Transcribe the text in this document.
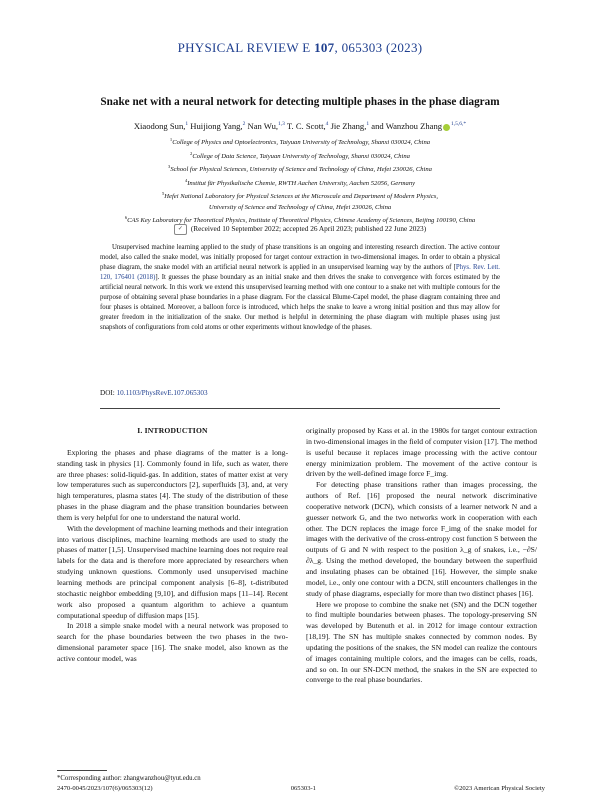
PHYSICAL REVIEW E 107, 065303 (2023)
Snake net with a neural network for detecting multiple phases in the phase diagram
Xiaodong Sun,$^1$ Huijiong Yang,$^2$ Nan Wu,$^{1,3}$ T. C. Scott,$^4$ Jie Zhang,$^1$ and Wanzhou Zhang $^{1,5,6,*}$
$^1$College of Physics and Optoelectronics, Taiyuan University of Technology, Shanxi 030024, China
$^2$College of Data Science, Taiyuan University of Technology, Shanxi 030024, China
$^3$School for Physical Sciences, University of Science and Technology of China, Hefei 230026, China
$^4$Institut für Physikalische Chemie, RWTH Aachen University, Aachen 52056, Germany
$^5$Hefei National Laboratory for Physical Sciences at the Microscale and Department of Modern Physics,
University of Science and Technology of China, Hefei 230026, China
$^6$CAS Key Laboratory for Theoretical Physics, Institute of Theoretical Physics, Chinese Academy of Sciences, Beijing 100190, China
✓ (Received 10 September 2022; accepted 26 April 2023; published 22 June 2023)
Unsupervised machine learning applied to the study of phase transitions is an ongoing and interesting research direction. The active contour model, also called the snake model, was initially proposed for target contour extraction in two-dimensional images. In order to obtain a physical phase diagram, the snake model with an artificial neural network is applied in an unsupervised learning way by the authors of [Phys. Rev. Lett. 120, 176401 (2018)]. It guesses the phase boundary as an initial snake and then drives the snake to convergence with forces estimated by the artificial neural network. In this work we extend this unsupervised learning method with one contour to a snake net with multiple contours for the purpose of obtaining several phase boundaries in a phase diagram. For the classical Blume-Capel model, the phase diagram containing three and four phases is obtained. Moreover, a balloon force is introduced, which helps the snake to leave a wrong initial position and thus may allow for greater freedom in the initialization of the snake. Our method is helpful in determining the phase diagram with multiple phases using just snapshots of configurations from cold atoms or other experiments without knowledge of the phases.
DOI: 10.1103/PhysRevE.107.065303
I. INTRODUCTION

Exploring the phases and phase diagrams of the matter is a long-standing task in physics [1]. Commonly found in life, such as water, there are three phases: solid-liquid-gas. In addition, states of matter exist at very low temperatures such as superconductors [2], superfluids [3], and, at very high temperatures, plasma states [4]. The study of the distribution of these phases in the phase diagram and the phase transition boundaries between them is very helpful for one to understand the natural world.

With the development of machine learning methods and their integration into various disciplines, machine learning methods are used to study the phases of matter [1,5]. Unsupervised machine learning does not require real labels for the data and is therefore more appreciated by researchers when studying unknown questions. Commonly used unsupervised machine learning methods are principal component analysis [6–8], t-distributed stochastic neighbor embedding [9,10], and diffusion maps [11–14]. Recent work also proposed a quantum algorithm to achieve a quantum computational speedup of diffusion maps [15].

In 2018 a simple snake model with a neural network was proposed to search for the phase boundaries between the two phases in the two-dimensional parameter space [16]. The snake model, also known as the active contour model, was

originally proposed by Kass et al. in the 1980s for target contour extraction in two-dimensional images in the field of computer vision [17]. The method is useful because it replaces image processing with the active contour energy minimization problem. The movement of the active contour is driven by the well-defined image force F_img.

For detecting phase transitions rather than images processing, the authors of Ref. [16] proposed the neural network discriminative cooperative network (DCN), which consists of a learner network N and a guesser network G, and the two networks work in cooperation with each other. The DCN replaces the image force F_img of the snake model for images with the derivative of the cross-entropy cost function S between the outputs of G and N with respect to the position λ_g of snakes, i.e., −∂S/∂λ_g. Using the method developed, the boundary between the superfluid and insulating phases can be obtained [16]. However, the simple snake model, i.e., only one contour with a DCN, still encounters challenges in the study of phase diagrams, especially for more than two distinct phases [16].

Here we propose to combine the snake net (SN) and the DCN together to find multiple boundaries between phases. The topology-preserving SN was developed by Butenuth et al. in 2012 for image contour extraction [18,19]. The SN has multiple snakes connected by common nodes. By updating the positions of the snakes, the SN model can realize the contours of images containing multiple colors, and the images can be cells, roads, and so on. In our SN-DCN method, the snakes in the SN are expected to converge to the real phase boundaries.

*Corresponding author: zhangwanzhou@tyut.edu.cn
2470-0045/2023/107(6)/065303(12)	065303-1	©2023 American Physical Society
